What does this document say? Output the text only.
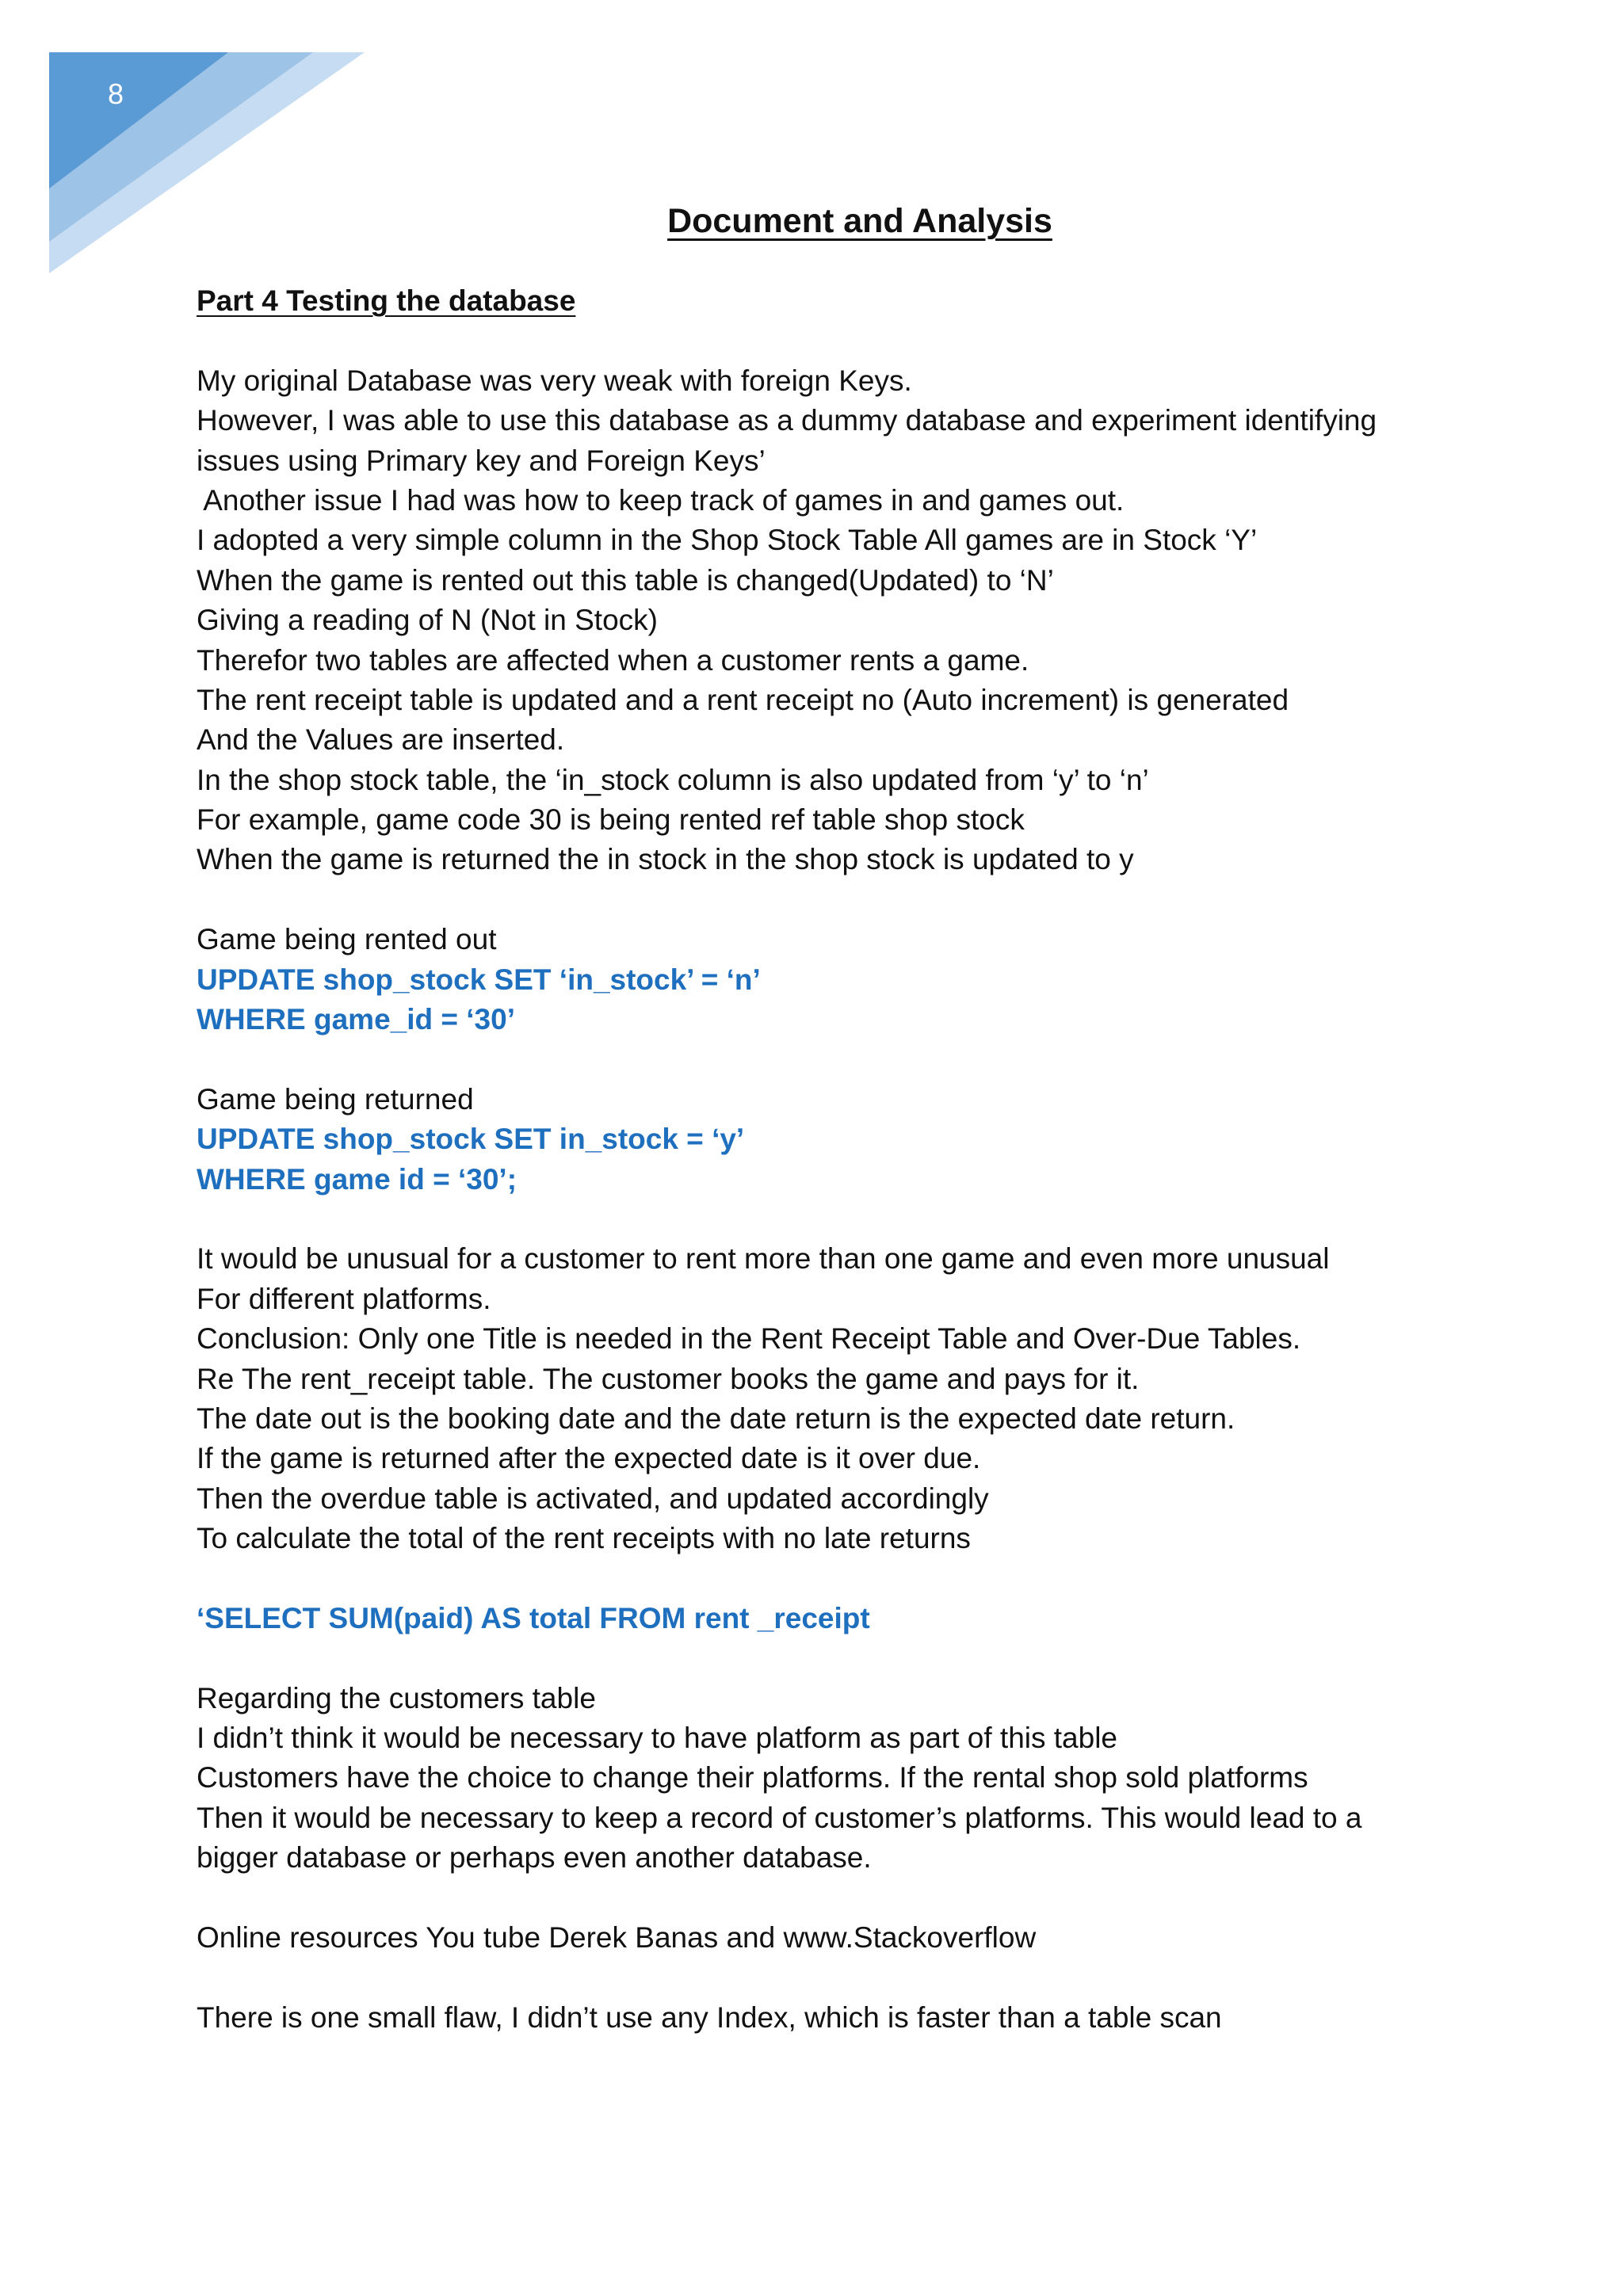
8
Document and Analysis
Part 4 Testing the database
My original Database was very weak with foreign Keys.
However, I was able to use this database as a dummy database and experiment identifying
issues using Primary key and Foreign Keys’
Another issue I had was how to keep track of games in and games out.
I adopted a very simple column in the Shop Stock Table All games are in Stock ‘Y’
When the game is rented out this table is changed(Updated) to ‘N’
Giving a reading of N (Not in Stock)
Therefor two tables are affected when a customer rents a game.
The rent receipt table is updated and a rent receipt no (Auto increment) is generated
And the Values are inserted.
In the shop stock table, the ‘in_stock column is also updated from ‘y’ to ‘n’
For example, game code 30 is being rented ref table shop stock
When the game is returned the in stock in the shop stock is updated to y
Game being rented out
UPDATE shop_stock SET ‘in_stock’ = ‘n’
WHERE game_id = ‘30’
Game being returned
UPDATE shop_stock SET in_stock = ‘y’
WHERE game id = ‘30’;
It would be unusual for a customer to rent more than one game and even more unusual
For different platforms.
Conclusion: Only one Title is needed in the Rent Receipt Table and Over-Due Tables.
Re The rent_receipt table. The customer books the game and pays for it.
The date out is the booking date and the date return is the expected date return.
If the game is returned after the expected date is it over due.
Then the overdue table is activated, and updated accordingly
To calculate the total of the rent receipts with no late returns
‘SELECT SUM(paid) AS total FROM rent _receipt
Regarding the customers table
I didn’t think it would be necessary to have platform as part of this table
Customers have the choice to change their platforms. If the rental shop sold platforms
Then it would be necessary to keep a record of customer’s platforms. This would lead to a
bigger database or perhaps even another database.
Online resources You tube Derek Banas and www.Stackoverflow
There is one small flaw, I didn’t use any Index, which is faster than a table scan
